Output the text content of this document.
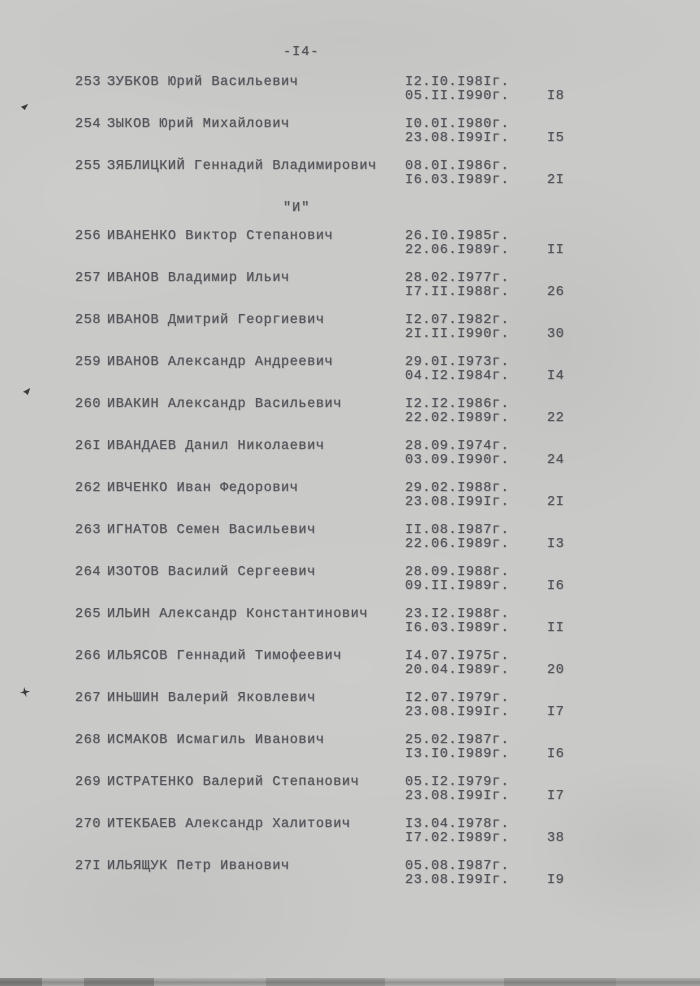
-I4-
253 ЗУБКОВ Юрий Васильевич	I2.I0.I98Iг.
05.II.I990г.	I8
254 ЗЫКОВ Юрий Михайлович	I0.0I.I980г.
23.08.I99Iг.	I5
255 ЗЯБЛИЦКИЙ Геннадий Владимирович	08.0I.I986г.
I6.03.I989г.	2I
"И"
256 ИВАНЕНКО Виктор Степанович	26.I0.I985г.
22.06.I989г.	II
257 ИВАНОВ Владимир Ильич	28.02.I977г.
I7.II.I988г.	26
258 ИВАНОВ Дмитрий Георгиевич	I2.07.I982г.
2I.II.I990г.	30
259 ИВАНОВ Александр Андреевич	29.0I.I973г.
04.I2.I984г.	I4
260 ИВАКИН Александр Васильевич	I2.I2.I986г.
22.02.I989г.	22
26I ИВАНДАЕВ Данил Николаевич	28.09.I974г.
03.09.I990г.	24
262 ИВЧЕНКО Иван Федорович	29.02.I988г.
23.08.I99Iг.	2I
263 ИГНАТОВ Семен Васильевич	II.08.I987г.
22.06.I989г.	I3
264 ИЗОТОВ Василий Сергеевич	28.09.I988г.
09.II.I989г.	I6
265 ИЛЬИН Александр Константинович	23.I2.I988г.
I6.03.I989г.	II
266 ИЛЬЯСОВ Геннадий Тимофеевич	I4.07.I975г.
20.04.I989г.	20
267 ИНЬШИН Валерий Яковлевич	I2.07.I979г.
23.08.I99Iг.	I7
268 ИСМАКОВ Исмагиль Иванович	25.02.I987г.
I3.I0.I989г.	I6
269 ИСТРАТЕНКО Валерий Степанович	05.I2.I979г.
23.08.I99Iг.	I7
270 ИТЕКБАЕВ Александр Халитович	I3.04.I978г.
I7.02.I989г.	38
27I ИЛЬЯЩУК Петр Иванович	05.08.I987г.
23.08.I99Iг.	I9
